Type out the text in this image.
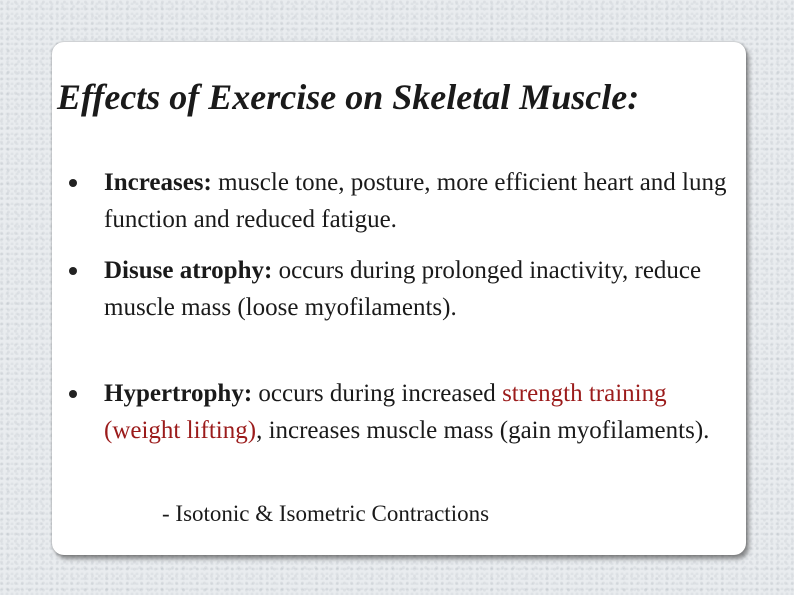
Effects of Exercise on Skeletal Muscle:
Increases: muscle tone, posture, more efficient heart and lung function and reduced fatigue.
Disuse atrophy: occurs during prolonged inactivity, reduce muscle mass (loose myofilaments).
Hypertrophy: occurs during increased strength training (weight lifting), increases muscle mass (gain myofilaments).
- Isotonic & Isometric Contractions
